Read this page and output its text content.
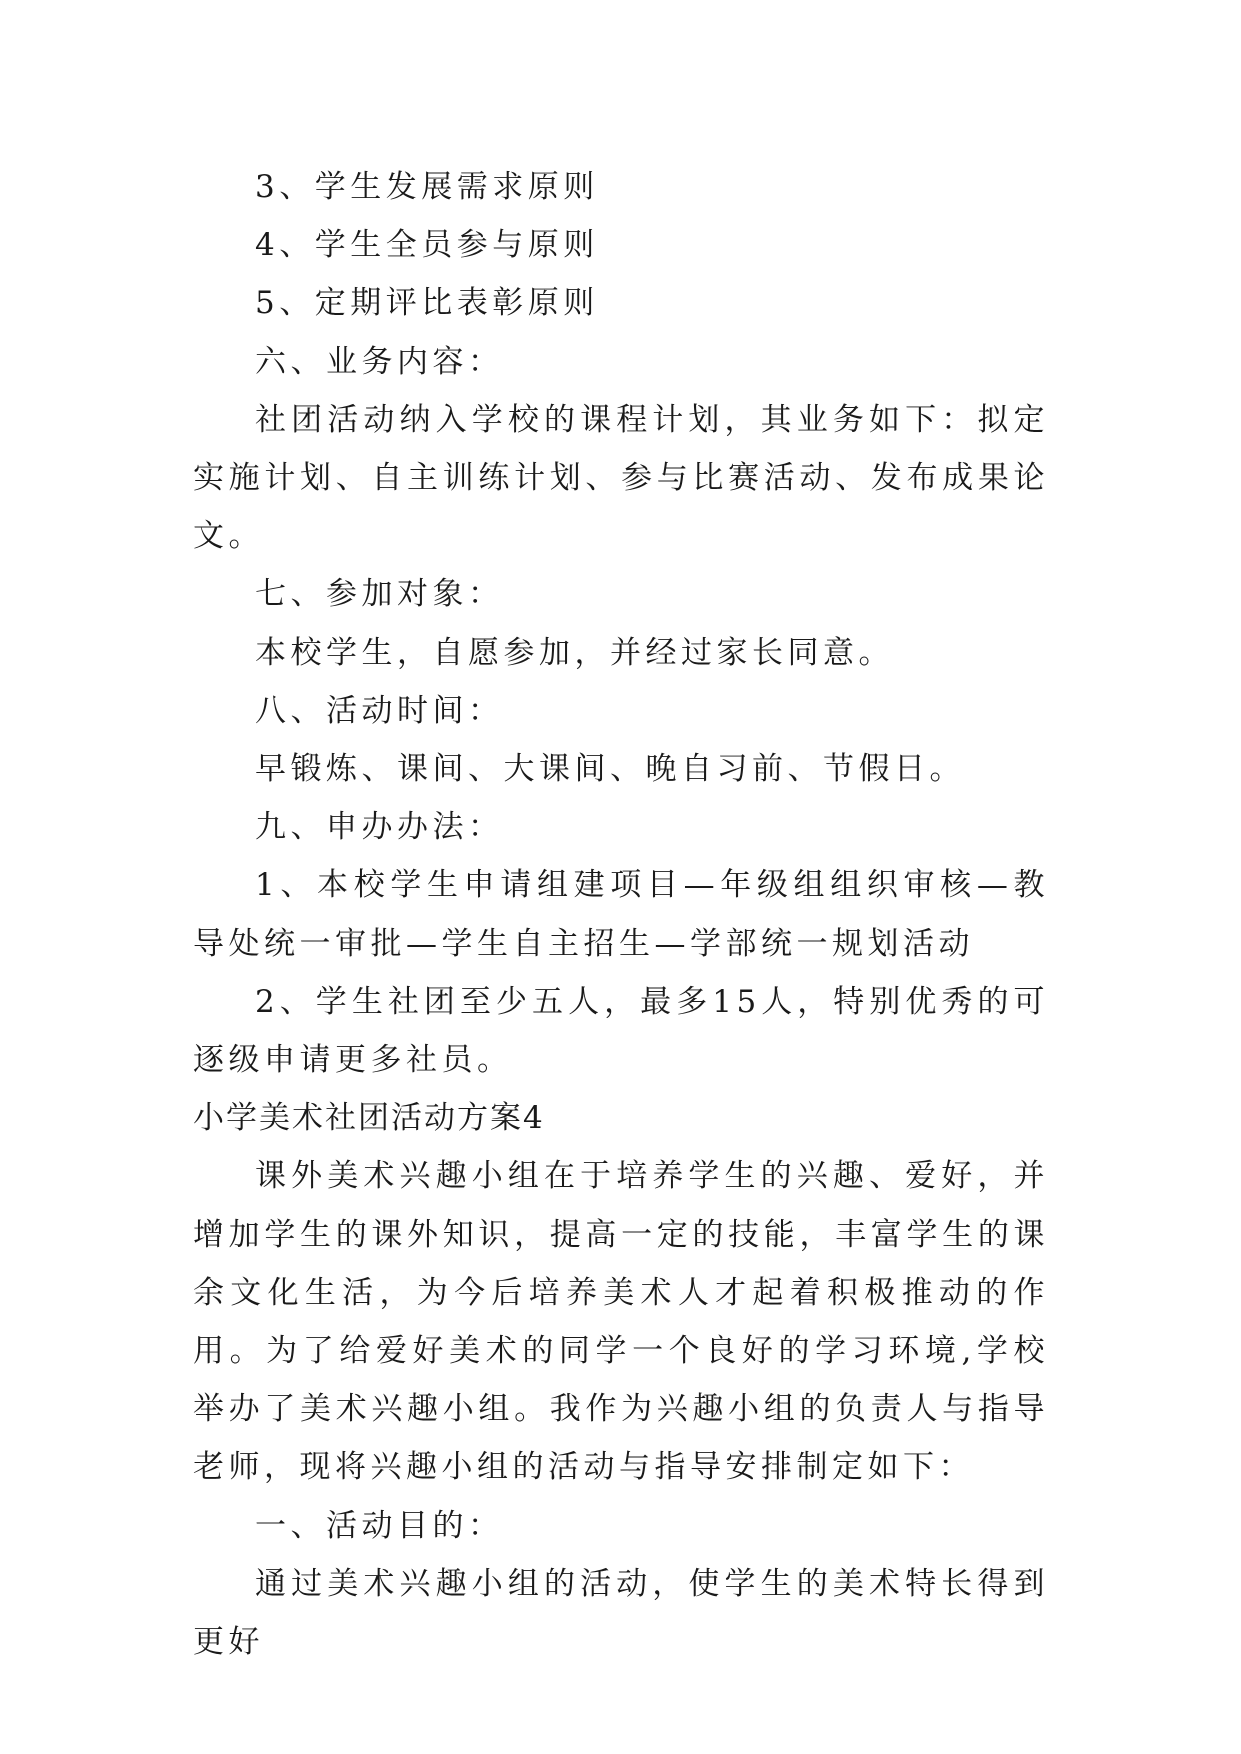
3、学生发展需求原则

4、学生全员参与原则

5、定期评比表彰原则

六、业务内容：

社团活动纳入学校的课程计划，其业务如下：拟定实施计划、自主训练计划、参与比赛活动、发布成果论文。

七、参加对象：

本校学生，自愿参加，并经过家长同意。

八、活动时间：

早锻炼、课间、大课间、晚自习前、节假日。

九、申办办法：

1、本校学生申请组建项目—年级组组织审核—教导处统一审批—学生自主招生—学部统一规划活动

2、学生社团至少五人，最多15人，特别优秀的可逐级申请更多社员。

小学美术社团活动方案4

课外美术兴趣小组在于培养学生的兴趣、爱好，并增加学生的课外知识，提高一定的技能，丰富学生的课余文化生活，为今后培养美术人才起着积极推动的作用。为了给爱好美术的同学一个良好的学习环境,学校举办了美术兴趣小组。我作为兴趣小组的负责人与指导老师，现将兴趣小组的活动与指导安排制定如下：

一、活动目的：

通过美术兴趣小组的活动，使学生的美术特长得到更好
